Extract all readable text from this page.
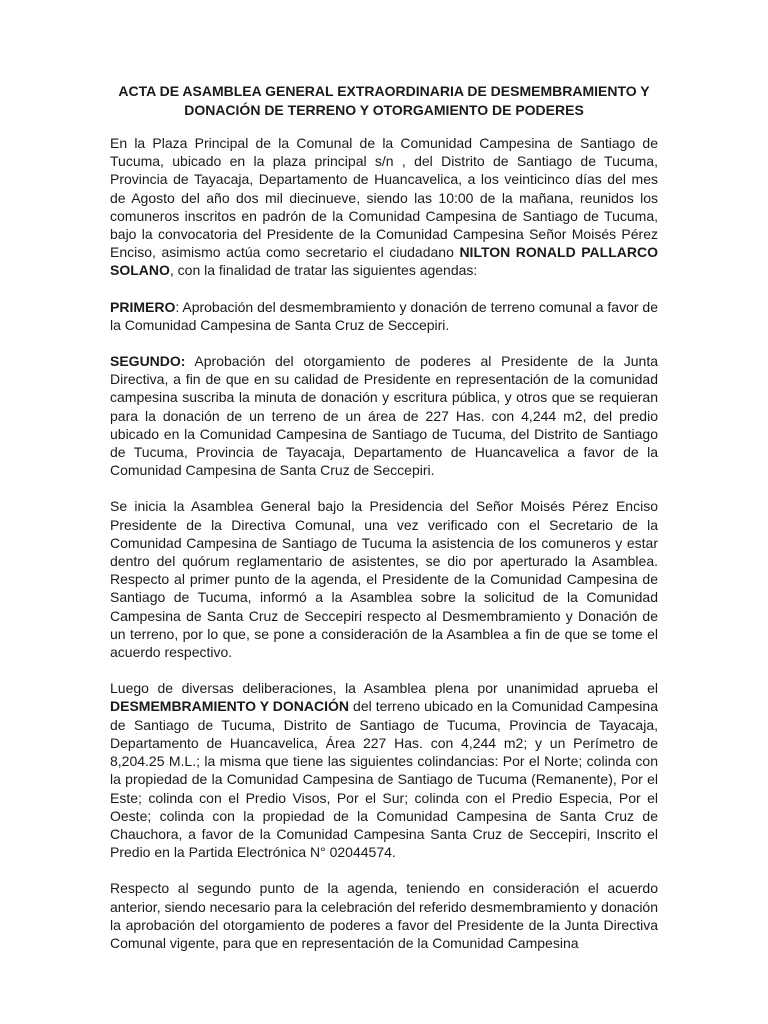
ACTA DE ASAMBLEA GENERAL EXTRAORDINARIA DE DESMEMBRAMIENTO Y
DONACIÓN DE TERRENO Y OTORGAMIENTO DE PODERES

En la Plaza Principal de la Comunal de la Comunidad Campesina de Santiago de Tucuma, ubicado en la plaza principal s/n , del Distrito de Santiago de Tucuma, Provincia de Tayacaja, Departamento de Huancavelica, a los veinticinco días del mes de Agosto del año dos mil diecinueve, siendo las 10:00 de la mañana, reunidos los comuneros inscritos en padrón de la Comunidad Campesina de Santiago de Tucuma, bajo la convocatoria del Presidente de la Comunidad Campesina Señor Moisés Pérez Enciso, asimismo actúa como secretario el ciudadano NILTON RONALD PALLARCO SOLANO, con la finalidad de tratar las siguientes agendas:

PRIMERO: Aprobación del desmembramiento y donación de terreno comunal a favor de la Comunidad Campesina de Santa Cruz de Seccepiri.

SEGUNDO: Aprobación del otorgamiento de poderes al Presidente de la Junta Directiva, a fin de que en su calidad de Presidente en representación de la comunidad campesina suscriba la minuta de donación y escritura pública, y otros que se requieran para la donación de un terreno de un área de 227 Has. con 4,244 m2, del predio ubicado en la Comunidad Campesina de Santiago de Tucuma, del Distrito de Santiago de Tucuma, Provincia de Tayacaja, Departamento de Huancavelica a favor de la Comunidad Campesina de Santa Cruz de Seccepiri.

Se inicia la Asamblea General bajo la Presidencia del Señor Moisés Pérez Enciso Presidente de la Directiva Comunal, una vez verificado con el Secretario de la Comunidad Campesina de Santiago de Tucuma la asistencia de los comuneros y estar dentro del quórum reglamentario de asistentes, se dio por aperturado la Asamblea. Respecto al primer punto de la agenda, el Presidente de la Comunidad Campesina de Santiago de Tucuma, informó a la Asamblea sobre la solicitud de la Comunidad Campesina de Santa Cruz de Seccepiri respecto al Desmembramiento y Donación de un terreno, por lo que, se pone a consideración de la Asamblea a fin de que se tome el acuerdo respectivo.

Luego de diversas deliberaciones, la Asamblea plena por unanimidad aprueba el DESMEMBRAMIENTO Y DONACIÓN del terreno ubicado en la Comunidad Campesina de Santiago de Tucuma, Distrito de Santiago de Tucuma, Provincia de Tayacaja, Departamento de Huancavelica, Área 227 Has. con 4,244 m2; y un Perímetro de 8,204.25 M.L.; la misma que tiene las siguientes colindancias: Por el Norte; colinda con la propiedad de la Comunidad Campesina de Santiago de Tucuma (Remanente), Por el Este; colinda con el Predio Visos, Por el Sur; colinda con el Predio Especia, Por el Oeste; colinda con la propiedad de la Comunidad Campesina de Santa Cruz de Chauchora, a favor de la Comunidad Campesina Santa Cruz de Seccepiri, Inscrito el Predio en la Partida Electrónica N° 02044574.

Respecto al segundo punto de la agenda, teniendo en consideración el acuerdo anterior, siendo necesario para la celebración del referido desmembramiento y donación la aprobación del otorgamiento de poderes a favor del Presidente de la Junta Directiva Comunal vigente, para que en representación de la Comunidad Campesina
